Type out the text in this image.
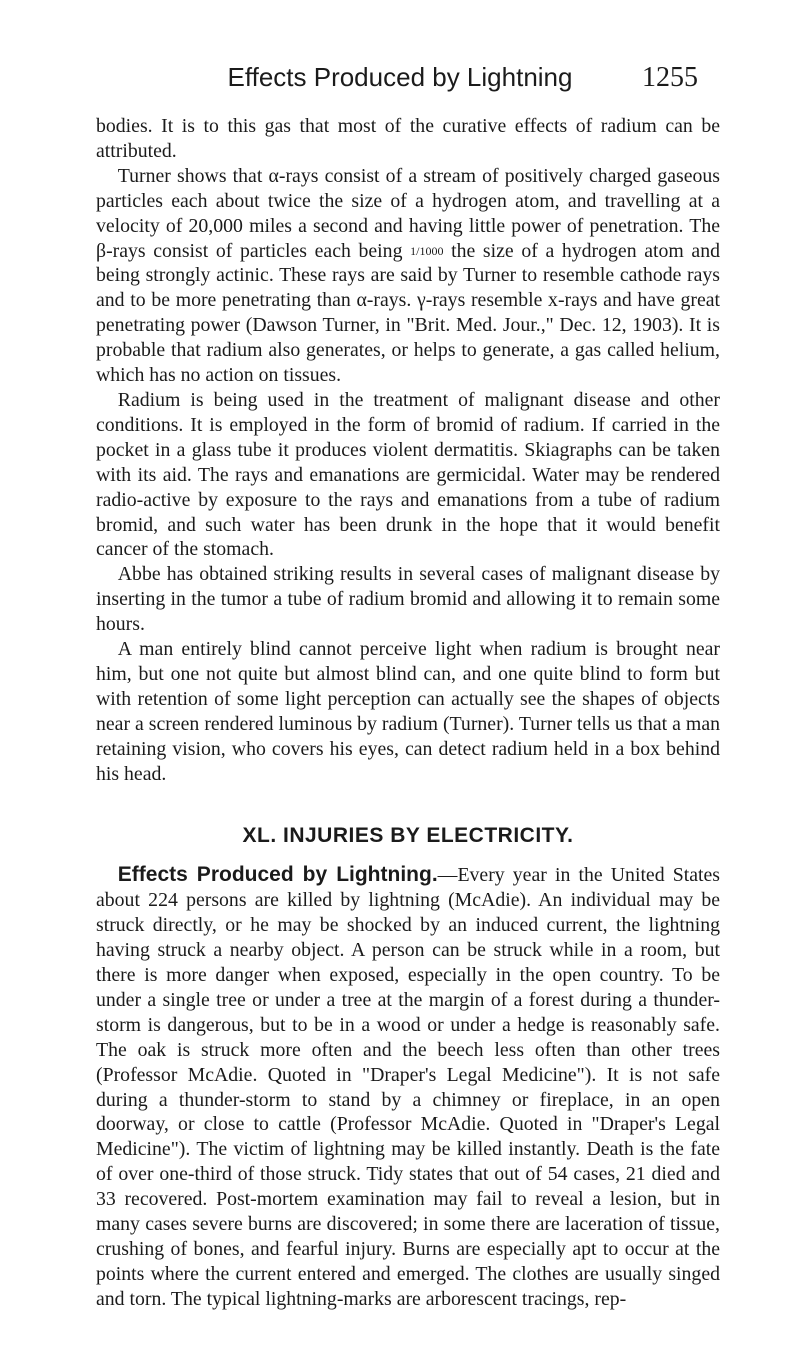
Effects Produced by Lightning	1255

bodies. It is to this gas that most of the curative effects of radium can be attributed.

Turner shows that α-rays consist of a stream of positively charged gaseous particles each about twice the size of a hydrogen atom, and travelling at a velocity of 20,000 miles a second and having little power of penetration. The β-rays consist of particles each being 1/1000 the size of a hydrogen atom and being strongly actinic. These rays are said by Turner to resemble cathode rays and to be more penetrating than α-rays. γ-rays resemble x-rays and have great penetrating power (Dawson Turner, in "Brit. Med. Jour.," Dec. 12, 1903). It is probable that radium also generates, or helps to generate, a gas called helium, which has no action on tissues.

Radium is being used in the treatment of malignant disease and other conditions. It is employed in the form of bromid of radium. If carried in the pocket in a glass tube it produces violent dermatitis. Skiagraphs can be taken with its aid. The rays and emanations are germicidal. Water may be rendered radio-active by exposure to the rays and emanations from a tube of radium bromid, and such water has been drunk in the hope that it would benefit cancer of the stomach.

Abbe has obtained striking results in several cases of malignant disease by inserting in the tumor a tube of radium bromid and allowing it to remain some hours.

A man entirely blind cannot perceive light when radium is brought near him, but one not quite but almost blind can, and one quite blind to form but with retention of some light perception can actually see the shapes of objects near a screen rendered luminous by radium (Turner). Turner tells us that a man retaining vision, who covers his eyes, can detect radium held in a box behind his head.

XL. INJURIES BY ELECTRICITY.

Effects Produced by Lightning.—Every year in the United States about 224 persons are killed by lightning (McAdie). An individual may be struck directly, or he may be shocked by an induced current, the lightning having struck a nearby object. A person can be struck while in a room, but there is more danger when exposed, especially in the open country. To be under a single tree or under a tree at the margin of a forest during a thunder-storm is dangerous, but to be in a wood or under a hedge is reasonably safe. The oak is struck more often and the beech less often than other trees (Professor McAdie. Quoted in "Draper's Legal Medicine"). It is not safe during a thunder-storm to stand by a chimney or fireplace, in an open doorway, or close to cattle (Professor McAdie. Quoted in "Draper's Legal Medicine"). The victim of lightning may be killed instantly. Death is the fate of over one-third of those struck. Tidy states that out of 54 cases, 21 died and 33 recovered. Post-mortem examination may fail to reveal a lesion, but in many cases severe burns are discovered; in some there are laceration of tissue, crushing of bones, and fearful injury. Burns are especially apt to occur at the points where the current entered and emerged. The clothes are usually singed and torn. The typical lightning-marks are arborescent tracings, rep-
